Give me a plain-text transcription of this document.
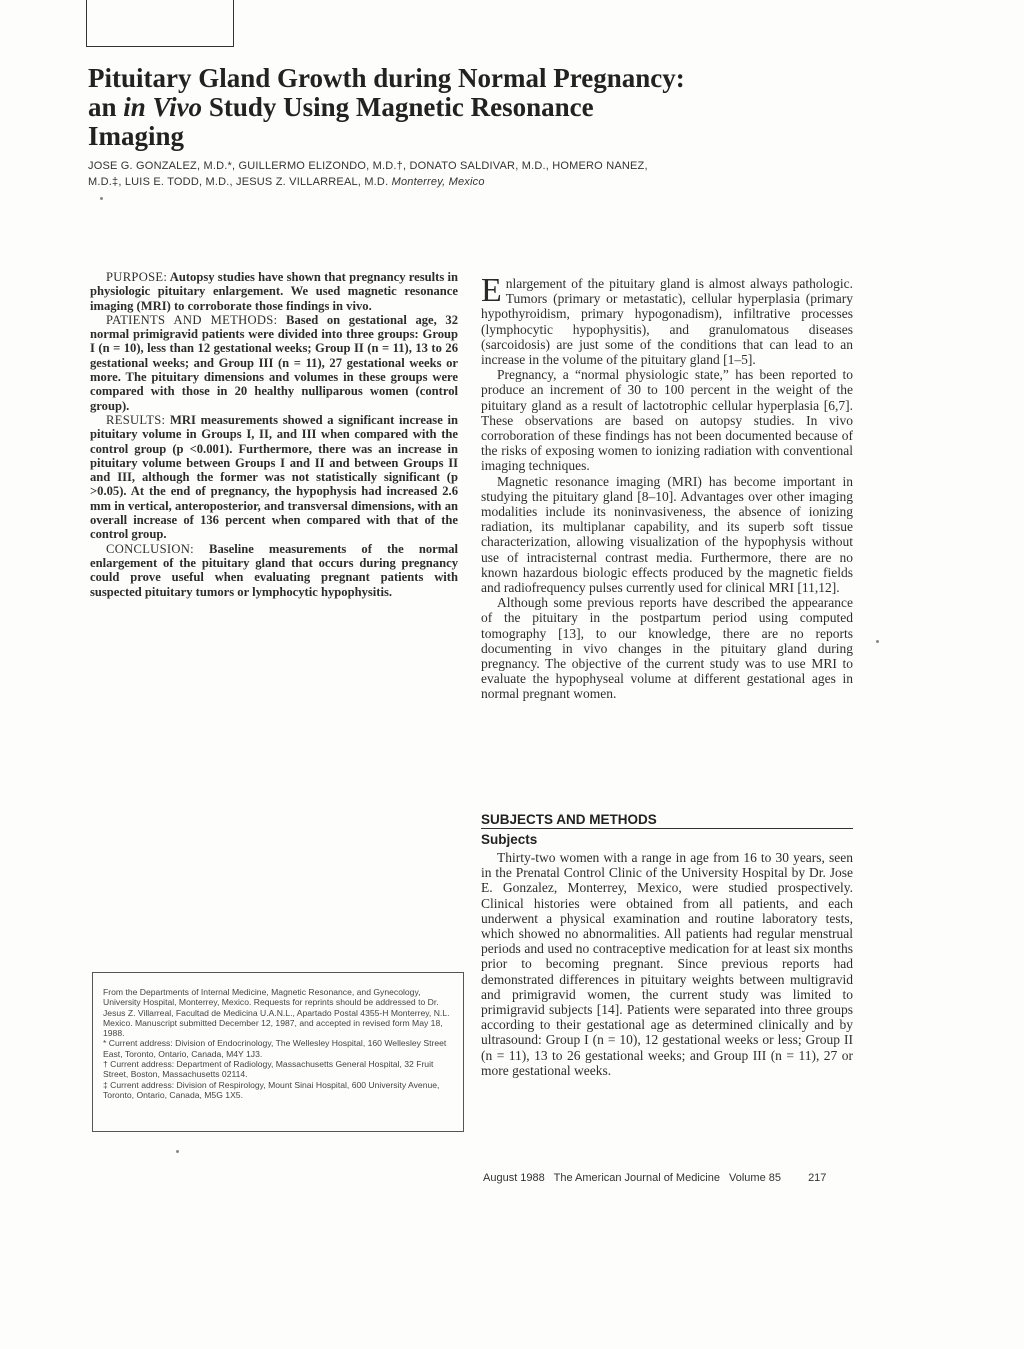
Pituitary Gland Growth during Normal Pregnancy:
an in Vivo Study Using Magnetic Resonance
Imaging
JOSE G. GONZALEZ, M.D.*, GUILLERMO ELIZONDO, M.D.†, DONATO SALDIVAR, M.D., HOMERO NANEZ,
M.D.‡, LUIS E. TODD, M.D., JESUS Z. VILLARREAL, M.D. Monterrey, Mexico

PURPOSE: Autopsy studies have shown that pregnancy results in physiologic pituitary enlargement. We used magnetic resonance imaging (MRI) to corroborate those findings in vivo.

PATIENTS AND METHODS: Based on gestational age, 32 normal primigravid patients were divided into three groups: Group I (n = 10), less than 12 gestational weeks; Group II (n = 11), 13 to 26 gestational weeks; and Group III (n = 11), 27 gestational weeks or more. The pituitary dimensions and volumes in these groups were compared with those in 20 healthy nulliparous women (control group).

RESULTS: MRI measurements showed a significant increase in pituitary volume in Groups I, II, and III when compared with the control group (p <0.001). Furthermore, there was an increase in pituitary volume between Groups I and II and between Groups II and III, although the former was not statistically significant (p >0.05). At the end of pregnancy, the hypophysis had increased 2.6 mm in vertical, anteroposterior, and transversal dimensions, with an overall increase of 136 percent when compared with that of the control group.

CONCLUSION: Baseline measurements of the normal enlargement of the pituitary gland that occurs during pregnancy could prove useful when evaluating pregnant patients with suspected pituitary tumors or lymphocytic hypophysitis.

Enlargement of the pituitary gland is almost always pathologic. Tumors (primary or metastatic), cellular hyperplasia (primary hypothyroidism, primary hypogonadism), infiltrative processes (lymphocytic hypophysitis), and granulomatous diseases (sarcoidosis) are just some of the conditions that can lead to an increase in the volume of the pituitary gland [1–5].

Pregnancy, a “normal physiologic state,” has been reported to produce an increment of 30 to 100 percent in the weight of the pituitary gland as a result of lactotrophic cellular hyperplasia [6,7]. These observations are based on autopsy studies. In vivo corroboration of these findings has not been documented because of the risks of exposing women to ionizing radiation with conventional imaging techniques.

Magnetic resonance imaging (MRI) has become important in studying the pituitary gland [8–10]. Advantages over other imaging modalities include its noninvasiveness, the absence of ionizing radiation, its multiplanar capability, and its superb soft tissue characterization, allowing visualization of the hypophysis without use of intracisternal contrast media. Furthermore, there are no known hazardous biologic effects produced by the magnetic fields and radiofrequency pulses currently used for clinical MRI [11,12].

Although some previous reports have described the appearance of the pituitary in the postpartum period using computed tomography [13], to our knowledge, there are no reports documenting in vivo changes in the pituitary gland during pregnancy. The objective of the current study was to use MRI to evaluate the hypophyseal volume at different gestational ages in normal pregnant women.

SUBJECTS AND METHODS
Subjects

Thirty-two women with a range in age from 16 to 30 years, seen in the Prenatal Control Clinic of the University Hospital by Dr. Jose E. Gonzalez, Monterrey, Mexico, were studied prospectively. Clinical histories were obtained from all patients, and each underwent a physical examination and routine laboratory tests, which showed no abnormalities. All patients had regular menstrual periods and used no contraceptive medication for at least six months prior to becoming pregnant. Since previous reports had demonstrated differences in pituitary weights between multigravid and primigravid women, the current study was limited to primigravid subjects [14]. Patients were separated into three groups according to their gestational age as determined clinically and by ultrasound: Group I (n = 10), 12 gestational weeks or less; Group II (n = 11), 13 to 26 gestational weeks; and Group III (n = 11), 27 or more gestational weeks.

From the Departments of Internal Medicine, Magnetic Resonance, and Gynecology, University Hospital, Monterrey, Mexico. Requests for reprints should be addressed to Dr. Jesus Z. Villarreal, Facultad de Medicina U.A.N.L., Apartado Postal 4355-H Monterrey, N.L. Mexico. Manuscript submitted December 12, 1987, and accepted in revised form May 18, 1988.

* Current address: Division of Endocrinology, The Wellesley Hospital, 160 Wellesley Street East, Toronto, Ontario, Canada, M4Y 1J3.

† Current address: Department of Radiology, Massachusetts General Hospital, 32 Fruit Street, Boston, Massachusetts 02114.

‡ Current address: Division of Respirology, Mount Sinai Hospital, 600 University Avenue, Toronto, Ontario, Canada, M5G 1X5.

August 1988 The American Journal of Medicine Volume 85 217
